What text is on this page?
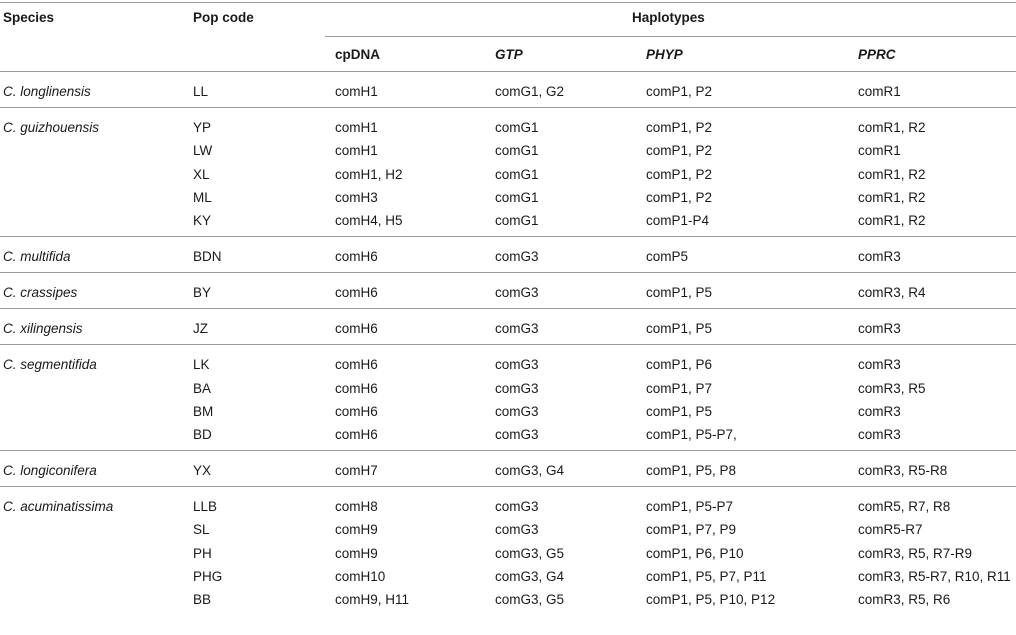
Species	Pop code	Haplotypes
cpDNA	GTP	PHYP	PPRC
C. longlinensis	LL	comH1	comG1, G2	comP1, P2	comR1
C. guizhouensis	YP	comH1	comG1	comP1, P2	comR1, R2
LW	comH1	comG1	comP1, P2	comR1
XL	comH1, H2	comG1	comP1, P2	comR1, R2
ML	comH3	comG1	comP1, P2	comR1, R2
KY	comH4, H5	comG1	comP1-P4	comR1, R2
C. multifida	BDN	comH6	comG3	comP5	comR3
C. crassipes	BY	comH6	comG3	comP1, P5	comR3, R4
C. xilingensis	JZ	comH6	comG3	comP1, P5	comR3
C. segmentifida	LK	comH6	comG3	comP1, P6	comR3
BA	comH6	comG3	comP1, P7	comR3, R5
BM	comH6	comG3	comP1, P5	comR3
BD	comH6	comG3	comP1, P5-P7,	comR3
C. longiconifera	YX	comH7	comG3, G4	comP1, P5, P8	comR3, R5-R8
C. acuminatissima	LLB	comH8	comG3	comP1, P5-P7	comR5, R7, R8
SL	comH9	comG3	comP1, P7, P9	comR5-R7
PH	comH9	comG3, G5	comP1, P6, P10	comR3, R5, R7-R9
PHG	comH10	comG3, G4	comP1, P5, P7, P11	comR3, R5-R7, R10, R11
BB	comH9, H11	comG3, G5	comP1, P5, P10, P12	comR3, R5, R6
